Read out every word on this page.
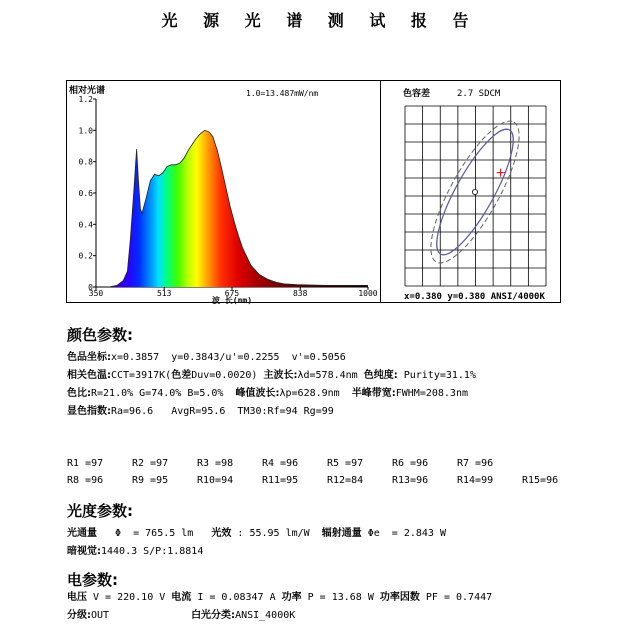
光 源 光 谱 测 试 报 告
0
0.2
0.4
0.6
0.8
1.0
1.2
350	513	675	838	1000
相对光谱	1.0=13.487mW/nm
波 长(nm)
色容差	2.7 SDCM
x=0.380 y=0.380 ANSI/4000K
颜色参数:
色品坐标:x=0.3857  y=0.3843/u'=0.2255  v'=0.5056
相关色温:CCT=3917K(色差Duv=0.0020) 主波长:λd=578.4nm 色纯度: Purity=31.1%
色比:R=21.0% G=74.0% B=5.0%  峰值波长:λp=628.9nm  半峰带宽:FWHM=208.3nm
显色指数:Ra=96.6   AvgR=95.6  TM30:Rf=94 Rg=99
R1 =97	R2 =97	R3 =98	R4 =96	R5 =97	R6 =96	R7 =96
R8 =96	R9 =95	R10=94	R11=95	R12=84	R13=96	R14=99	R15=96
光度参数:
光通量   Φ  = 765.5 lm   光效 : 55.95 lm/W  辐射通量 Φe  = 2.843 W
暗视觉:1440.3 S/P:1.8814
电参数:
电压 V = 220.10 V 电流 I = 0.08347 A 功率 P = 13.68 W 功率因数 PF = 0.7447
分级:OUT	白光分类:ANSI_4000K
